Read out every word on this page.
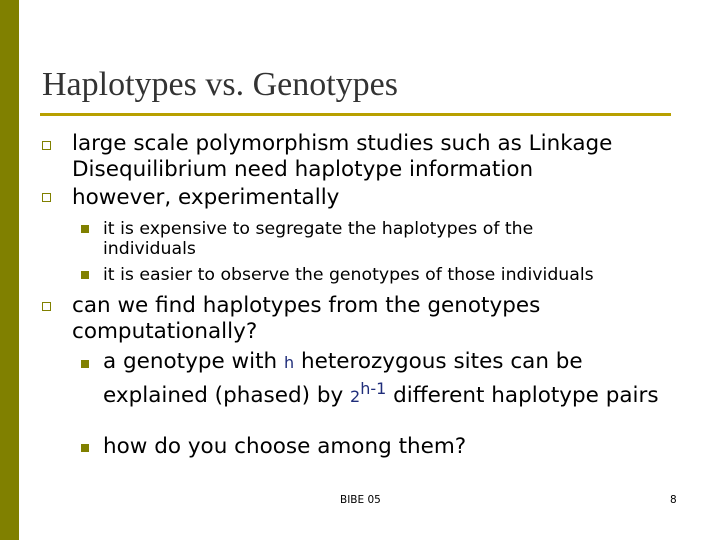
Haplotypes vs. Genotypes

large scale polymorphism studies such as Linkage Disequilibrium need haplotype information

however, experimentally

it is expensive to segregate the haplotypes of the individuals

it is easier to observe the genotypes of those individuals

can we find haplotypes from the genotypes computationally?

a genotype with h heterozygous sites can be explained (phased) by 2$^{h-1}$ different haplotype pairs

how do you choose among them?

BIBE 05	8
